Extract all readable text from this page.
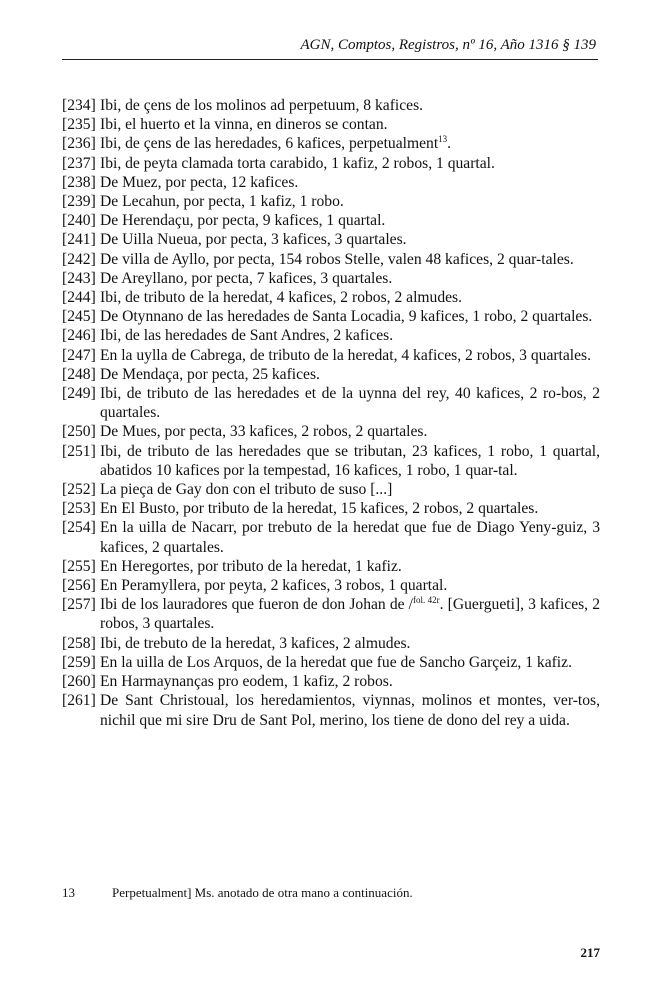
AGN, Comptos, Registros, nº 16, Año 1316 § 139
[234] Ibi, de çens de los molinos ad perpetuum, 8 kafices.
[235] Ibi, el huerto et la vinna, en dineros se contan.
[236] Ibi, de çens de las heredades, 6 kafices, perpetualment$^{13}$.
[237] Ibi, de peyta clamada torta carabido, 1 kafiz, 2 robos, 1 quartal.
[238] De Muez, por pecta, 12 kafices.
[239] De Lecahun, por pecta, 1 kafiz, 1 robo.
[240] De Herendaçu, por pecta, 9 kafices, 1 quartal.
[241] De Uilla Nueua, por pecta, 3 kafices, 3 quartales.
[242] De villa de Ayllo, por pecta, 154 robos Stelle, valen 48 kafices, 2 quar-tales.
[243] De Areyllano, por pecta, 7 kafices, 3 quartales.
[244] Ibi, de tributo de la heredat, 4 kafices, 2 robos, 2 almudes.
[245] De Otynnano de las heredades de Santa Locadia, 9 kafices, 1 robo, 2 quartales.
[246] Ibi, de las heredades de Sant Andres, 2 kafices.
[247] En la uylla de Cabrega, de tributo de la heredat, 4 kafices, 2 robos, 3 quartales.
[248] De Mendaça, por pecta, 25 kafices.
[249] Ibi, de tributo de las heredades et de la uynna del rey, 40 kafices, 2 ro-bos, 2 quartales.
[250] De Mues, por pecta, 33 kafices, 2 robos, 2 quartales.
[251] Ibi, de tributo de las heredades que se tributan, 23 kafices, 1 robo, 1 quartal, abatidos 10 kafices por la tempestad, 16 kafices, 1 robo, 1 quar-tal.
[252] La pieça de Gay don con el tributo de suso [...]
[253] En El Busto, por tributo de la heredat, 15 kafices, 2 robos, 2 quartales.
[254] En la uilla de Nacarr, por trebuto de la heredat que fue de Diago Yeny-guiz, 3 kafices, 2 quartales.
[255] En Heregortes, por tributo de la heredat, 1 kafiz.
[256] En Peramyllera, por peyta, 2 kafices, 3 robos, 1 quartal.
[257] Ibi de los lauradores que fueron de don Johan de /$^{fol. 42r}$. [Guergueti], 3 kafices, 2 robos, 3 quartales.
[258] Ibi, de trebuto de la heredat, 3 kafices, 2 almudes.
[259] En la uilla de Los Arquos, de la heredat que fue de Sancho Garçeiz, 1 kafiz.
[260] En Harmaynanças pro eodem, 1 kafiz, 2 robos.
[261] De Sant Christoual, los heredamientos, viynnas, molinos et montes, ver-tos, nichil que mi sire Dru de Sant Pol, merino, los tiene de dono del rey a uida.
13	Perpetualment] Ms. anotado de otra mano a continuación.
217
